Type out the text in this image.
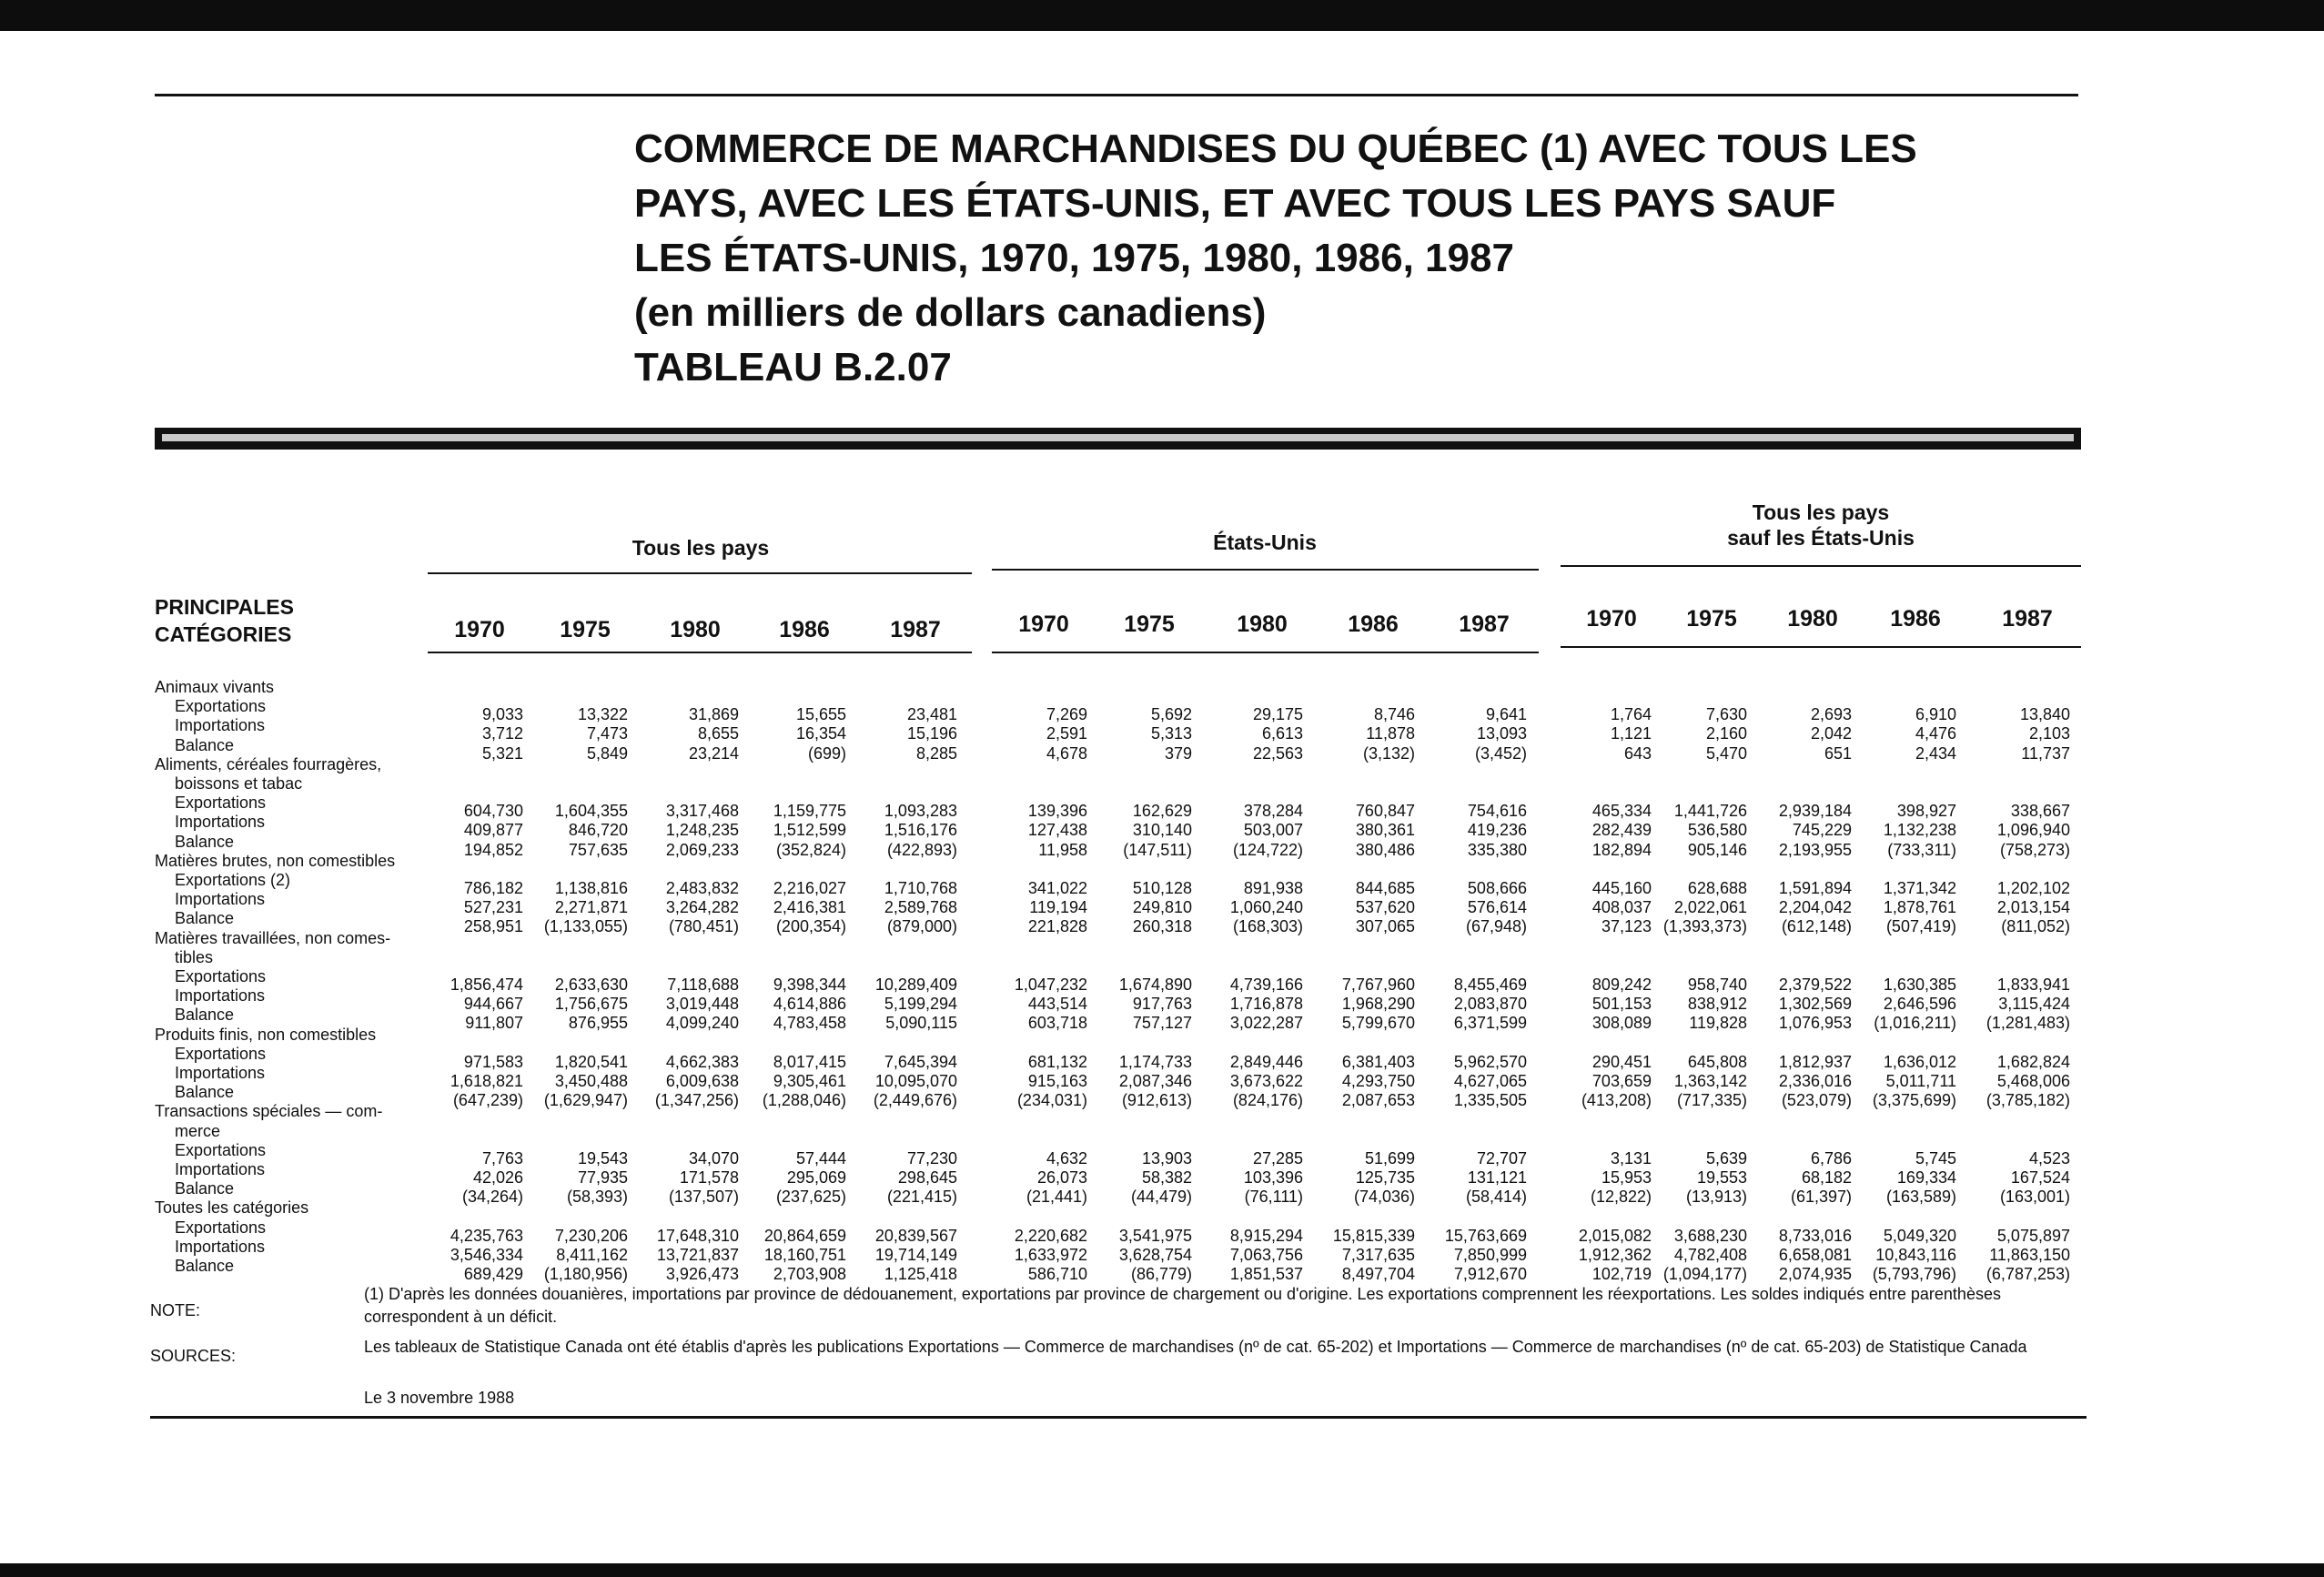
COMMERCE DE MARCHANDISES DU QUÉBEC (1) AVEC TOUS LES
PAYS, AVEC LES ÉTATS-UNIS, ET AVEC TOUS LES PAYS SAUF
LES ÉTATS-UNIS, 1970, 1975, 1980, 1986, 1987
(en milliers de dollars canadiens)
TABLEAU B.2.07
Tous les pays	États-Unis
Tous les pays
sauf les États-Unis
PRINCIPALES
CATÉGORIES	1970	1975	1980	1986	1987	1970	1975	1980	1986	1987	1970	1975	1980	1986	1987
Animaux vivants
Exportations	9,033	13,322	31,869	15,655	23,481	7,269	5,692	29,175	8,746	9,641	1,764	7,630	2,693	6,910	13,840
Importations	3,712	7,473	8,655	16,354	15,196	2,591	5,313	6,613	11,878	13,093	1,121	2,160	2,042	4,476	2,103
Balance	5,321	5,849	23,214	(699)	8,285	4,678	379	22,563	(3,132)	(3,452)	643	5,470	651	2,434	11,737
Aliments, céréales fourragères,
boissons et tabac
Exportations	604,730	1,604,355	3,317,468	1,159,775	1,093,283	139,396	162,629	378,284	760,847	754,616	465,334	1,441,726	2,939,184	398,927	338,667
Importations	409,877	846,720	1,248,235	1,512,599	1,516,176	127,438	310,140	503,007	380,361	419,236	282,439	536,580	745,229	1,132,238	1,096,940
Balance	194,852	757,635	2,069,233	(352,824)	(422,893)	11,958	(147,511)	(124,722)	380,486	335,380	182,894	905,146	2,193,955	(733,311)	(758,273)
Matières brutes, non comestibles
Exportations (2)	786,182	1,138,816	2,483,832	2,216,027	1,710,768	341,022	510,128	891,938	844,685	508,666	445,160	628,688	1,591,894	1,371,342	1,202,102
Importations	527,231	2,271,871	3,264,282	2,416,381	2,589,768	119,194	249,810	1,060,240	537,620	576,614	408,037	2,022,061	2,204,042	1,878,761	2,013,154
Balance	258,951	(1,133,055)	(780,451)	(200,354)	(879,000)	221,828	260,318	(168,303)	307,065	(67,948)	37,123 (1,393,373)	(612,148)	(507,419)	(811,052)
Matières travaillées, non comes-
tibles
Exportations	1,856,474	2,633,630	7,118,688	9,398,344	10,289,409	1,047,232	1,674,890	4,739,166	7,767,960	8,455,469	809,242	958,740	2,379,522	1,630,385	1,833,941
Importations	944,667	1,756,675	3,019,448	4,614,886	5,199,294	443,514	917,763	1,716,878	1,968,290	2,083,870	501,153	838,912	1,302,569	2,646,596	3,115,424
Balance	911,807	876,955	4,099,240	4,783,458	5,090,115	603,718	757,127	3,022,287	5,799,670	6,371,599	308,089	119,828	1,076,953	(1,016,211)	(1,281,483)
Produits finis, non comestibles
Exportations	971,583	1,820,541	4,662,383	8,017,415	7,645,394	681,132	1,174,733	2,849,446	6,381,403	5,962,570	290,451	645,808	1,812,937	1,636,012	1,682,824
Importations	1,618,821	3,450,488	6,009,638	9,305,461	10,095,070	915,163	2,087,346	3,673,622	4,293,750	4,627,065	703,659	1,363,142	2,336,016	5,011,711	5,468,006
Balance	(647,239)	(1,629,947)	(1,347,256)	(1,288,046)	(2,449,676)	(234,031)	(912,613)	(824,176)	2,087,653	1,335,505	(413,208)	(717,335)	(523,079)	(3,375,699)	(3,785,182)
Transactions spéciales — com-
merce
Exportations	7,763	19,543	34,070	57,444	77,230	4,632	13,903	27,285	51,699	72,707	3,131	5,639	6,786	5,745	4,523
Importations	42,026	77,935	171,578	295,069	298,645	26,073	58,382	103,396	125,735	131,121	15,953	19,553	68,182	169,334	167,524
Balance	(34,264)	(58,393)	(137,507)	(237,625)	(221,415)	(21,441)	(44,479)	(76,111)	(74,036)	(58,414)	(12,822)	(13,913)	(61,397)	(163,589)	(163,001)
Toutes les catégories
Exportations	4,235,763	7,230,206	17,648,310	20,864,659	20,839,567	2,220,682	3,541,975	8,915,294	15,815,339	15,763,669	2,015,082	3,688,230	8,733,016	5,049,320	5,075,897
Importations	3,546,334	8,411,162	13,721,837	18,160,751	19,714,149	1,633,972	3,628,754	7,063,756	7,317,635	7,850,999	1,912,362	4,782,408	6,658,081	10,843,116	11,863,150
Balance	689,429	(1,180,956)	3,926,473	2,703,908	1,125,418	586,710	(86,779)	1,851,537	8,497,704	7,912,670	102,719 (1,094,177)	2,074,935	(5,793,796)	(6,787,253)
NOTE:
(1) D'après les données douanières, importations par province de dédouanement, exportations par province de chargement ou d'origine. Les exportations comprennent les réexportations. Les soldes indiqués entre parenthèses correspondent à un déficit.
SOURCES:	Les tableaux de Statistique Canada ont été établis d'après les publications Exportations — Commerce de marchandises (nº de cat. 65-202) et Importations — Commerce de marchandises (nº de cat. 65-203) de Statistique Canada
Le 3 novembre 1988
